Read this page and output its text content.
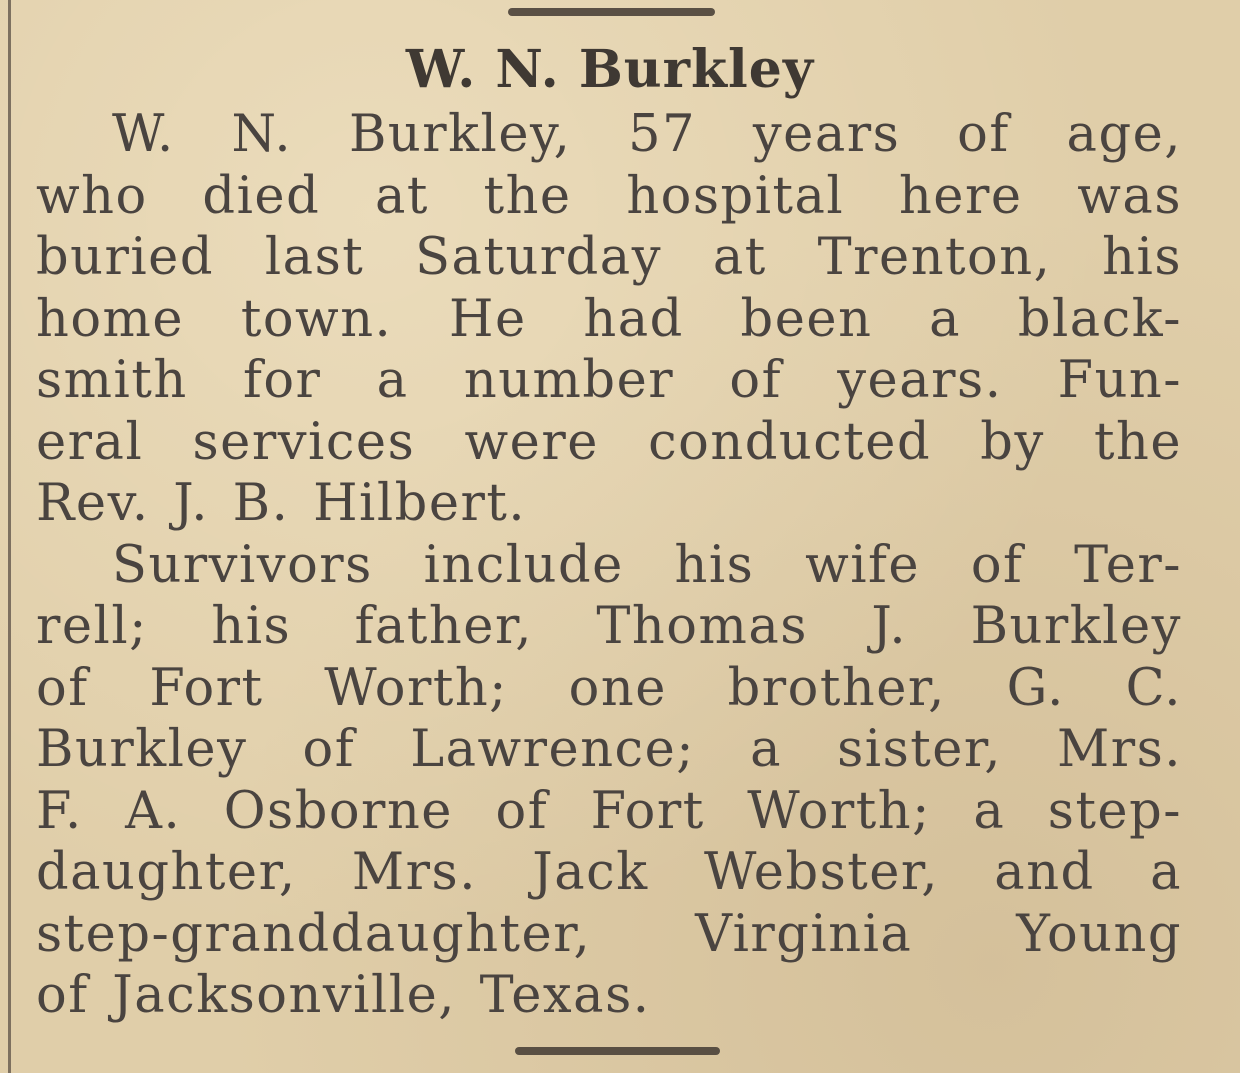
W. N. Burkley
W. N. Burkley, 57 years of age,
who died at the hospital here was
buried last Saturday at Trenton, his
home town. He had been a black-
smith for a number of years. Fun-
eral services were conducted by the
Rev. J. B. Hilbert.
Survivors include his wife of Ter-
rell; his father, Thomas J. Burkley
of Fort Worth; one brother, G. C.
Burkley of Lawrence; a sister, Mrs.
F. A. Osborne of Fort Worth; a step-
daughter, Mrs. Jack Webster, and a
step-granddaughter, Virginia Young
of Jacksonville, Texas.
